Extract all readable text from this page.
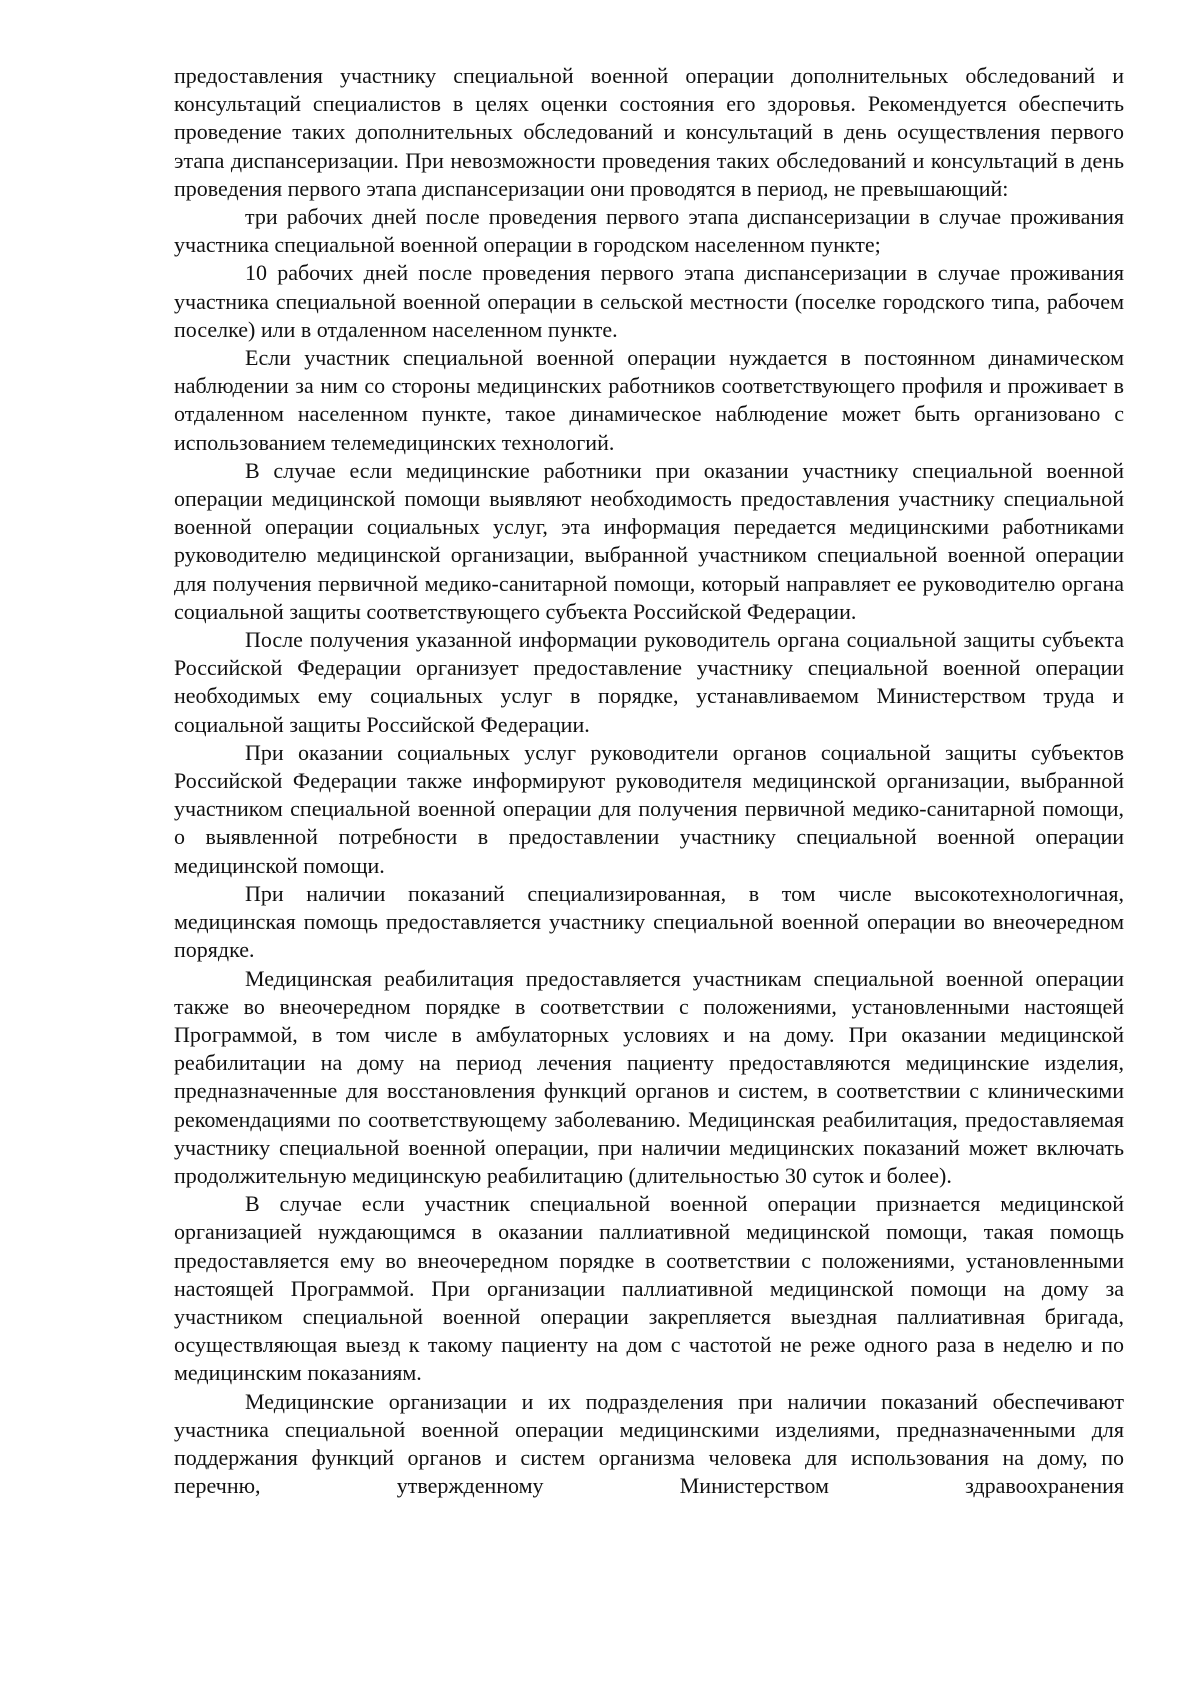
предоставления участнику специальной военной операции дополнительных обследований и консультаций специалистов в целях оценки состояния его здоровья. Рекомендуется обеспечить проведение таких дополнительных обследований и консультаций в день осуществления первого этапа диспансеризации. При невозможности проведения таких обследований и консультаций в день проведения первого этапа диспансеризации они проводятся в период, не превышающий:

три рабочих дней после проведения первого этапа диспансеризации в случае проживания участника специальной военной операции в городском населенном пункте;

10 рабочих дней после проведения первого этапа диспансеризации в случае проживания участника специальной военной операции в сельской местности (поселке городского типа, рабочем поселке) или в отдаленном населенном пункте.

Если участник специальной военной операции нуждается в постоянном динамическом наблюдении за ним со стороны медицинских работников соответствующего профиля и проживает в отдаленном населенном пункте, такое динамическое наблюдение может быть организовано с использованием телемедицинских технологий.

В случае если медицинские работники при оказании участнику специальной военной операции медицинской помощи выявляют необходимость предоставления участнику специальной военной операции социальных услуг, эта информация передается медицинскими работниками руководителю медицинской организации, выбранной участником специальной военной операции для получения первичной медико-санитарной помощи, который направляет ее руководителю органа социальной защиты соответствующего субъекта Российской Федерации.

После получения указанной информации руководитель органа социальной защиты субъекта Российской Федерации организует предоставление участнику специальной военной операции необходимых ему социальных услуг в порядке, устанавливаемом Министерством труда и социальной защиты Российской Федерации.

При оказании социальных услуг руководители органов социальной защиты субъектов Российской Федерации также информируют руководителя медицинской организации, выбранной участником специальной военной операции для получения первичной медико-санитарной помощи, о выявленной потребности в предоставлении участнику специальной военной операции медицинской помощи.

При наличии показаний специализированная, в том числе высокотехнологичная, медицинская помощь предоставляется участнику специальной военной операции во внеочередном порядке.

Медицинская реабилитация предоставляется участникам специальной военной операции также во внеочередном порядке в соответствии с положениями, установленными настоящей Программой, в том числе в амбулаторных условиях и на дому. При оказании медицинской реабилитации на дому на период лечения пациенту предоставляются медицинские изделия, предназначенные для восстановления функций органов и систем, в соответствии с клиническими рекомендациями по соответствующему заболеванию. Медицинская реабилитация, предоставляемая участнику специальной военной операции, при наличии медицинских показаний может включать продолжительную медицинскую реабилитацию (длительностью 30 суток и более).

В случае если участник специальной военной операции признается медицинской организацией нуждающимся в оказании паллиативной медицинской помощи, такая помощь предоставляется ему во внеочередном порядке в соответствии с положениями, установленными настоящей Программой. При организации паллиативной медицинской помощи на дому за участником специальной военной операции закрепляется выездная паллиативная бригада, осуществляющая выезд к такому пациенту на дом с частотой не реже одного раза в неделю и по медицинским показаниям.

Медицинские организации и их подразделения при наличии показаний обеспечивают участника специальной военной операции медицинскими изделиями, предназначенными для поддержания функций органов и систем организма человека для использования на дому, по перечню, утвержденному Министерством здравоохранения
